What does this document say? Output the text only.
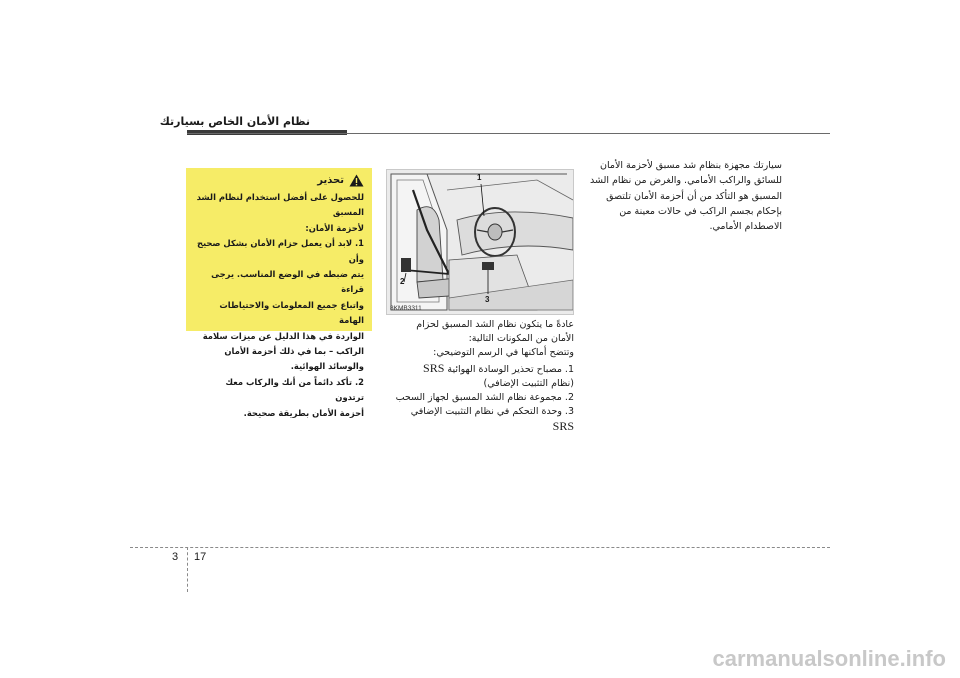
نظام الأمان الخاص بسيارتك
تحذير

للحصول على أفضل استخدام لنظام الشد المسبق

لأحزمة الأمان:

1. لابد أن يعمل حزام الأمان بشكل صحيح وأن

يتم ضبطه في الوضع المناسب. يرجى قراءة

واتباع جميع المعلومات والاحتياطات الهامة

الواردة في هذا الدليل عن ميزات سلامة

الراكب – بما في ذلك أحزمة الأمان

والوسائد الهوائية.

2. تأكد دائماً من أنك والركاب معك ترتدون

أحزمة الأمان بطريقة صحيحة.

1
2
3
8KMB3311
سيارتك مجهزة بنظام شد مسبق لأحزمة الأمان للسائق والراكب الأمامي. والغرض من نظام الشد المسبق هو التأكد من أن أحزمة الأمان تلتصق بإحكام بجسم الراكب في حالات معينة من الاصطدام الأمامي.

عادةً ما يتكون نظام الشد المسبق لحزام الأمان من المكونات التالية:

وتتضح أماكنها في الرسم التوضيحي:

1. مصباح تحذير الوسادة الهوائية SRS

(نظام التثبيت الإضافي)

2. مجموعة نظام الشد المسبق لجهاز السحب

3. وحدة التحكم في نظام التثبيت الإضافي

SRS

3 17
carmanualsonline.info
